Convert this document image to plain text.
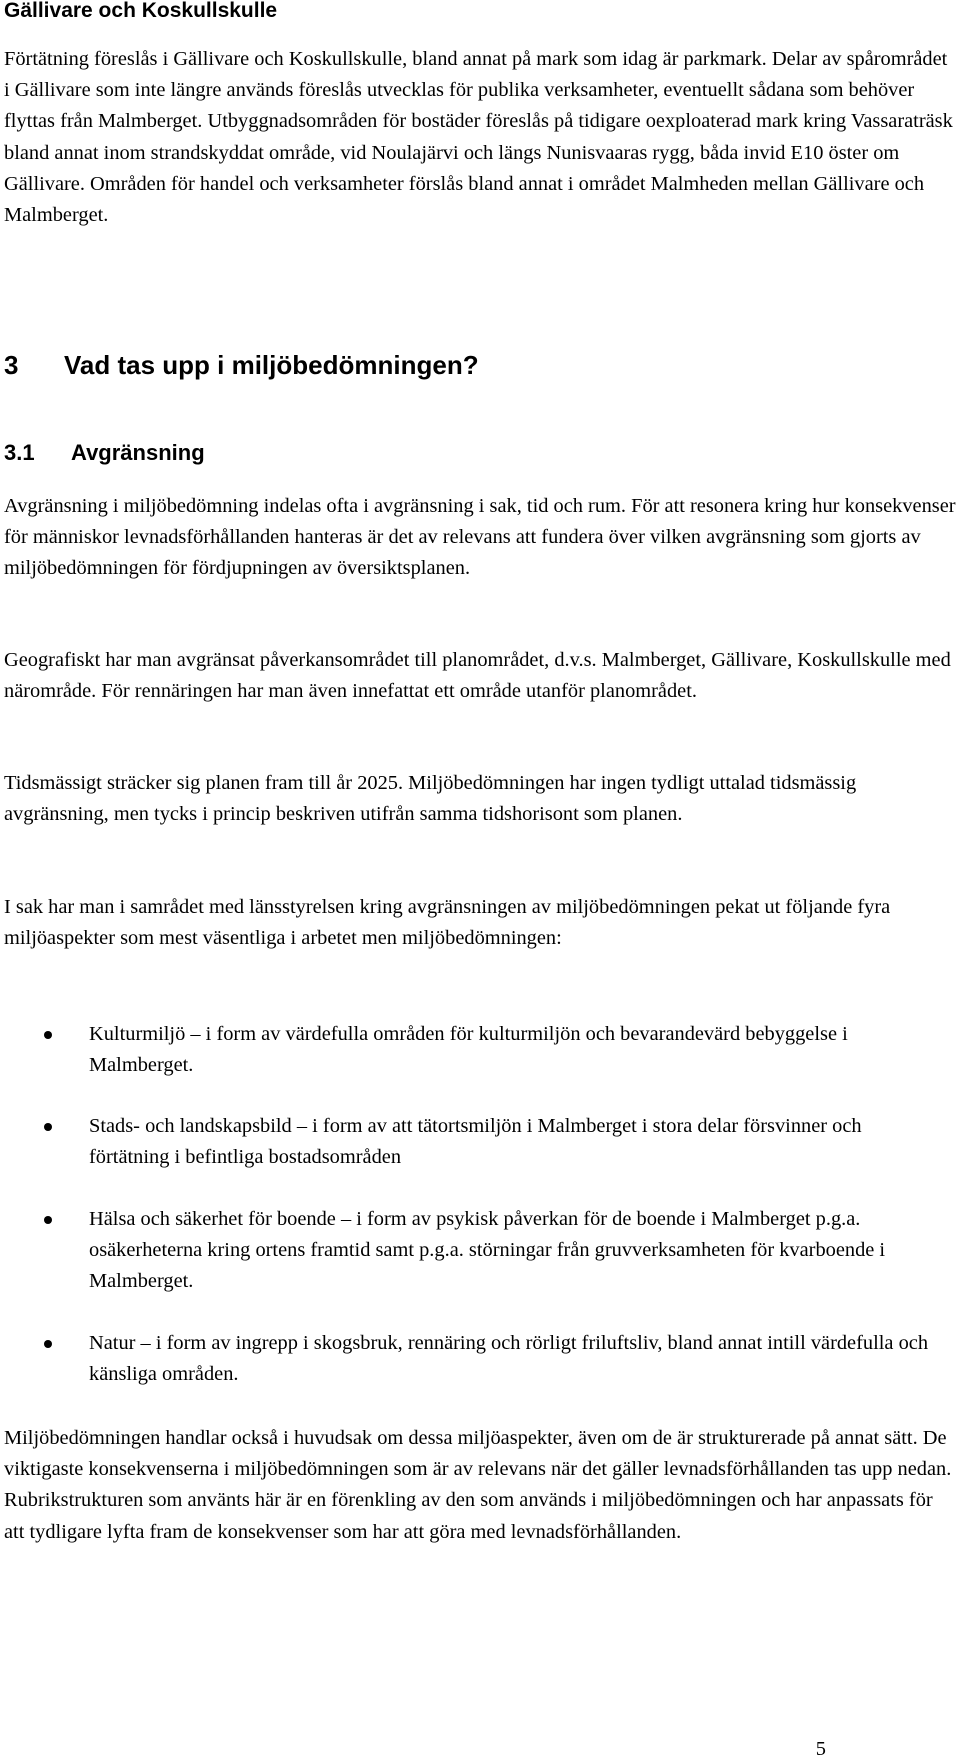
Gällivare och Koskullskulle

Förtätning föreslås i Gällivare och Koskullskulle, bland annat på mark som idag är parkmark. Delar av spårområdet i Gällivare som inte längre används föreslås utvecklas för publika verksamheter, eventuellt sådana som behöver flyttas från Malmberget. Utbyggnadsområden för bostäder föreslås på tidigare oexploaterad mark kring Vassaraträsk bland annat inom strandskyddat område, vid Noulajärvi och längs Nunisvaaras rygg, båda invid E10 öster om Gällivare. Områden för handel och verksamheter förslås bland annat i området Malmheden mellan Gällivare och Malmberget.

3 Vad tas upp i miljöbedömningen?
3.1 Avgränsning

Avgränsning i miljöbedömning indelas ofta i avgränsning i sak, tid och rum. För att resonera kring hur konsekvenser för människor levnadsförhållanden hanteras är det av relevans att fundera över vilken avgränsning som gjorts av miljöbedömningen för fördjupningen av översiktsplanen.

Geografiskt har man avgränsat påverkansområdet till planområdet, d.v.s. Malmberget, Gällivare, Koskullskulle med närområde. För rennäringen har man även innefattat ett område utanför planområdet.

Tidsmässigt sträcker sig planen fram till år 2025. Miljöbedömningen har ingen tydligt uttalad tidsmässig avgränsning, men tycks i princip beskriven utifrån samma tidshorisont som planen.

I sak har man i samrådet med länsstyrelsen kring avgränsningen av miljöbedömningen pekat ut följande fyra miljöaspekter som mest väsentliga i arbetet men miljöbedömningen:

Kulturmiljö – i form av värdefulla områden för kulturmiljön och bevarandevärd bebyggelse i Malmberget.
Stads- och landskapsbild – i form av att tätortsmiljön i Malmberget i stora delar försvinner och förtätning i befintliga bostadsområden
Hälsa och säkerhet för boende – i form av psykisk påverkan för de boende i Malmberget p.g.a. osäkerheterna kring ortens framtid samt p.g.a. störningar från gruvverksamheten för kvarboende i Malmberget.
Natur – i form av ingrepp i skogsbruk, rennäring och rörligt friluftsliv, bland annat intill värdefulla och känsliga områden.

Miljöbedömningen handlar också i huvudsak om dessa miljöaspekter, även om de är strukturerade på annat sätt. De viktigaste konsekvenserna i miljöbedömningen som är av relevans när det gäller levnadsförhållanden tas upp nedan. Rubrikstrukturen som använts här är en förenkling av den som används i miljöbedömningen och har anpassats för att tydligare lyfta fram de konsekvenser som har att göra med levnadsförhållanden.

5
